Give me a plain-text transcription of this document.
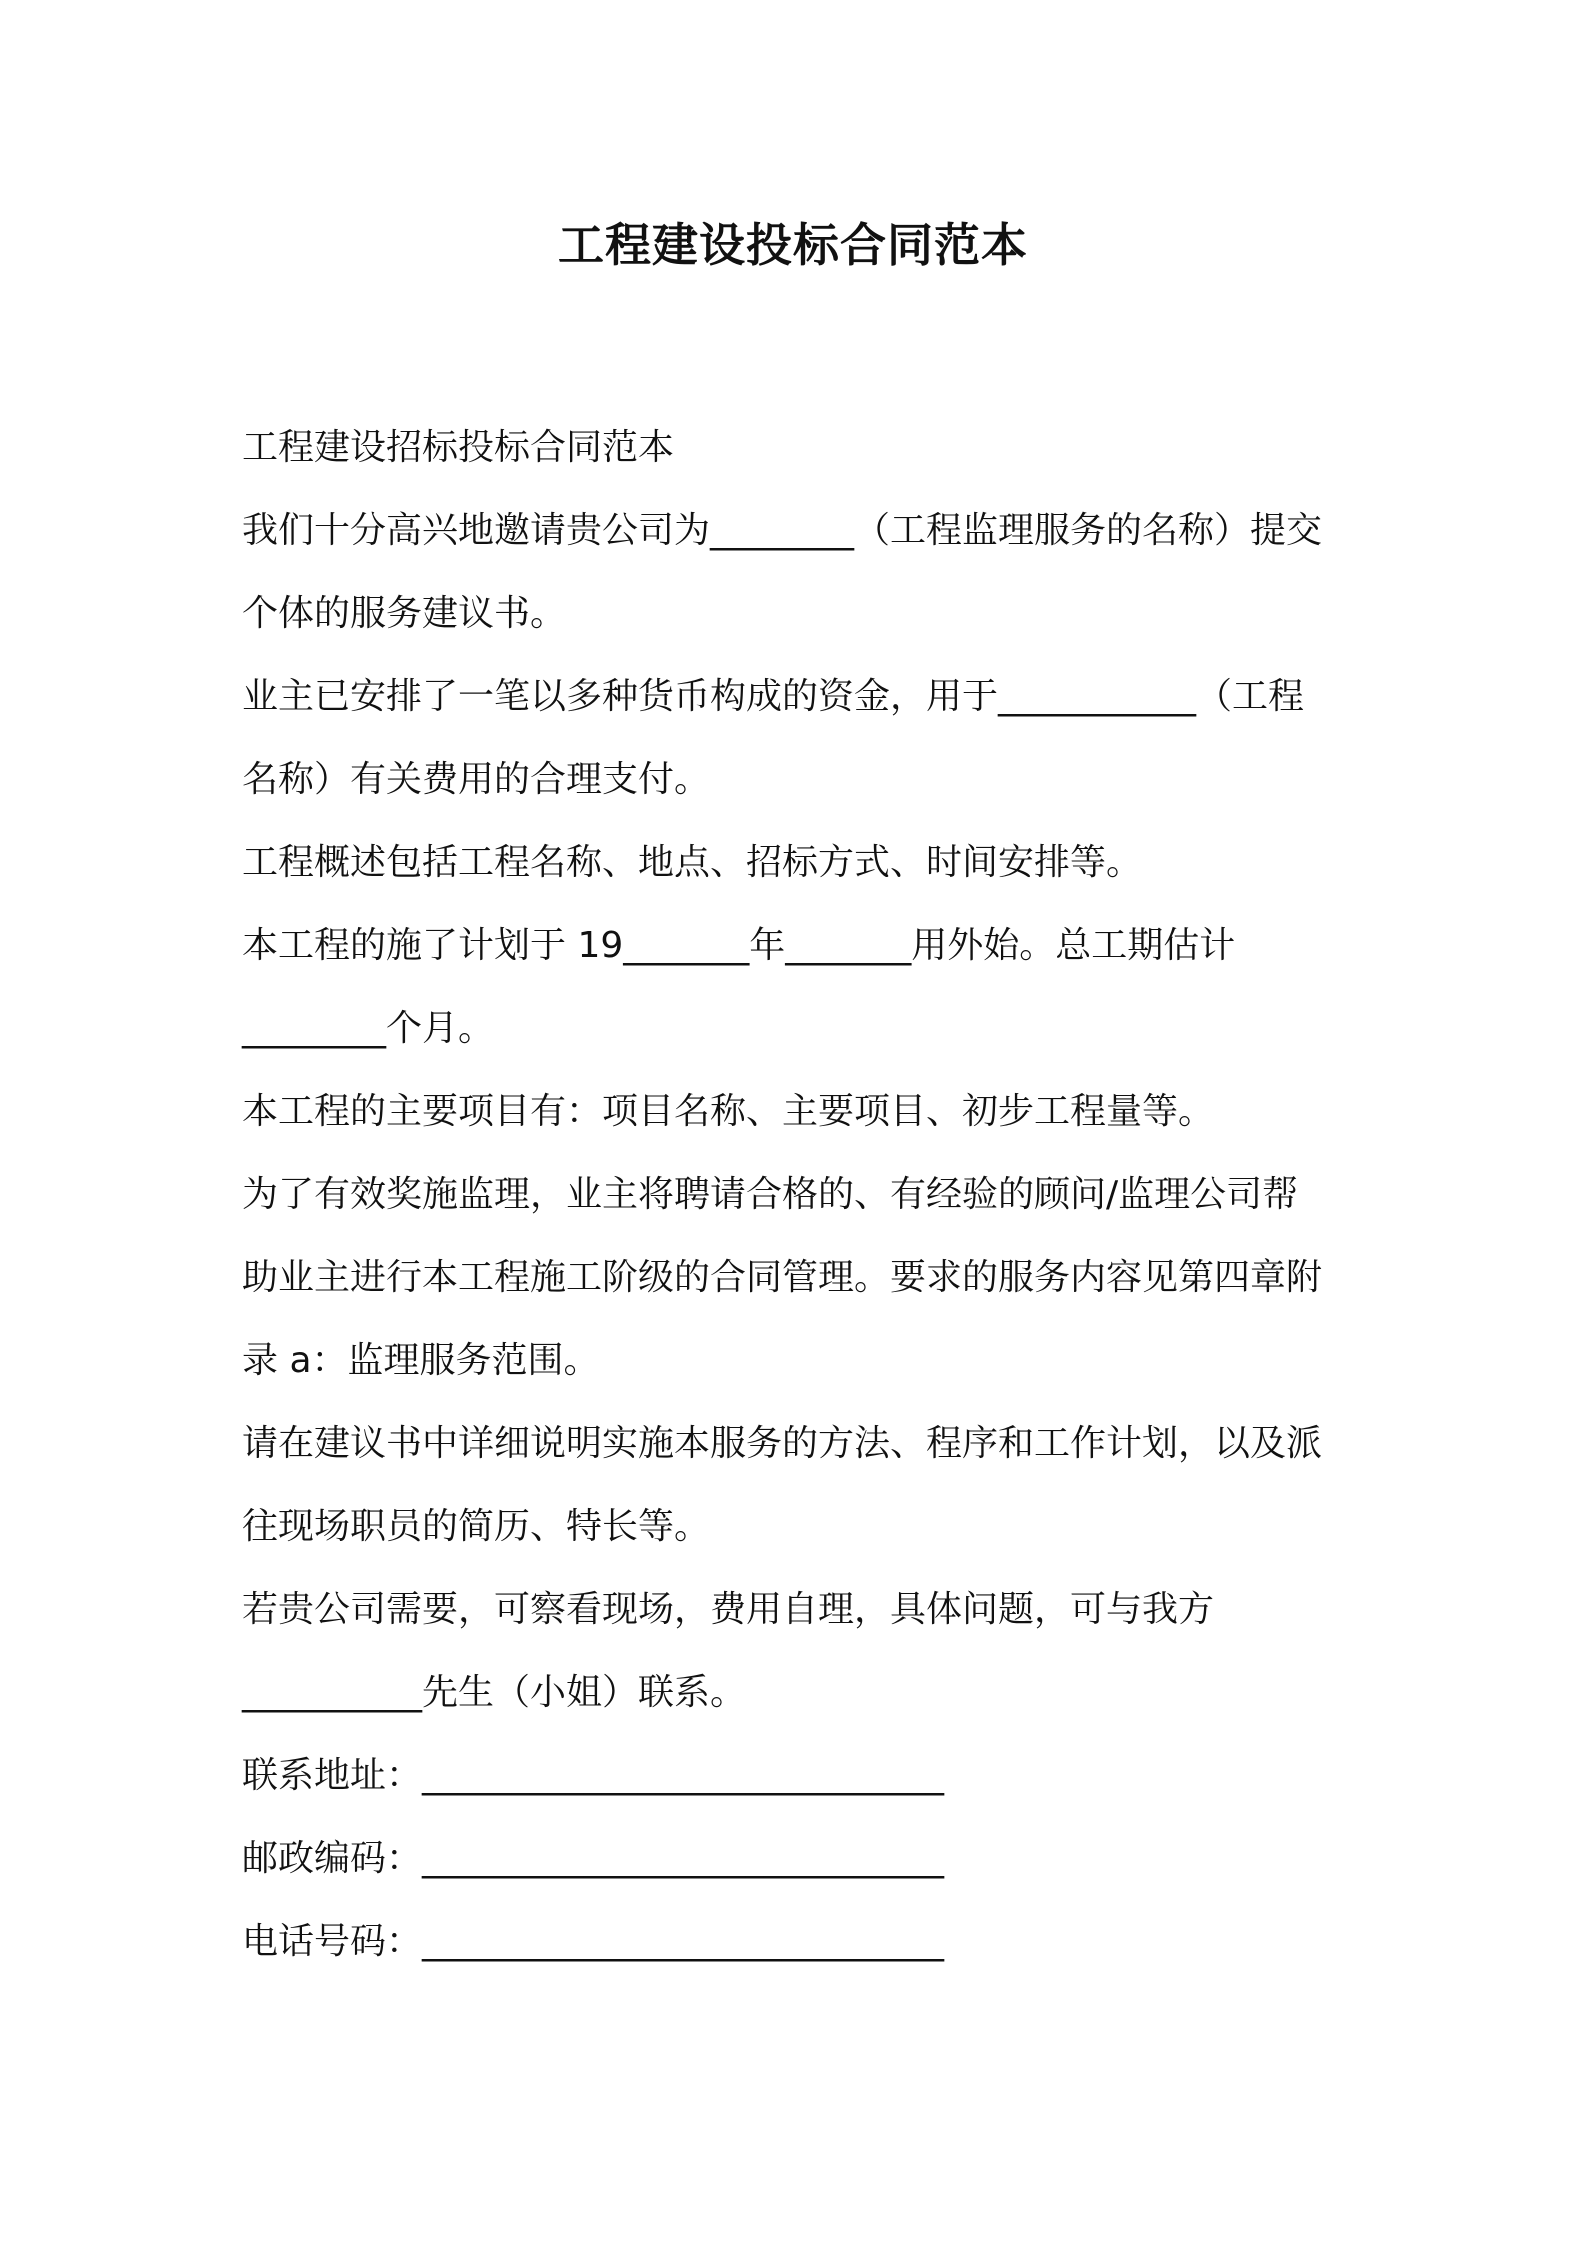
工程建设投标合同范本

工程建设招标投标合同范本

我们十分高兴地邀请贵公司为________（工程监理服务的名称）提交

个体的服务建议书。

业主已安排了一笔以多种货币构成的资金，用于___________（工程

名称）有关费用的合理支付。

工程概述包括工程名称、地点、招标方式、时间安排等。

本工程的施了计划于 19_______年_______用外始。总工期估计

________个月。

本工程的主要项目有：项目名称、主要项目、初步工程量等。

为了有效奖施监理，业主将聘请合格的、有经验的顾问/监理公司帮

助业主进行本工程施工阶级的合同管理。要求的服务内容见第四章附

录 a：监理服务范围。

请在建议书中详细说明实施本服务的方法、程序和工作计划，以及派

往现场职员的简历、特长等。

若贵公司需要，可察看现场，费用自理，具体问题，可与我方

__________先生（小姐）联系。

联系地址：_____________________________

邮政编码：_____________________________

电话号码：_____________________________
